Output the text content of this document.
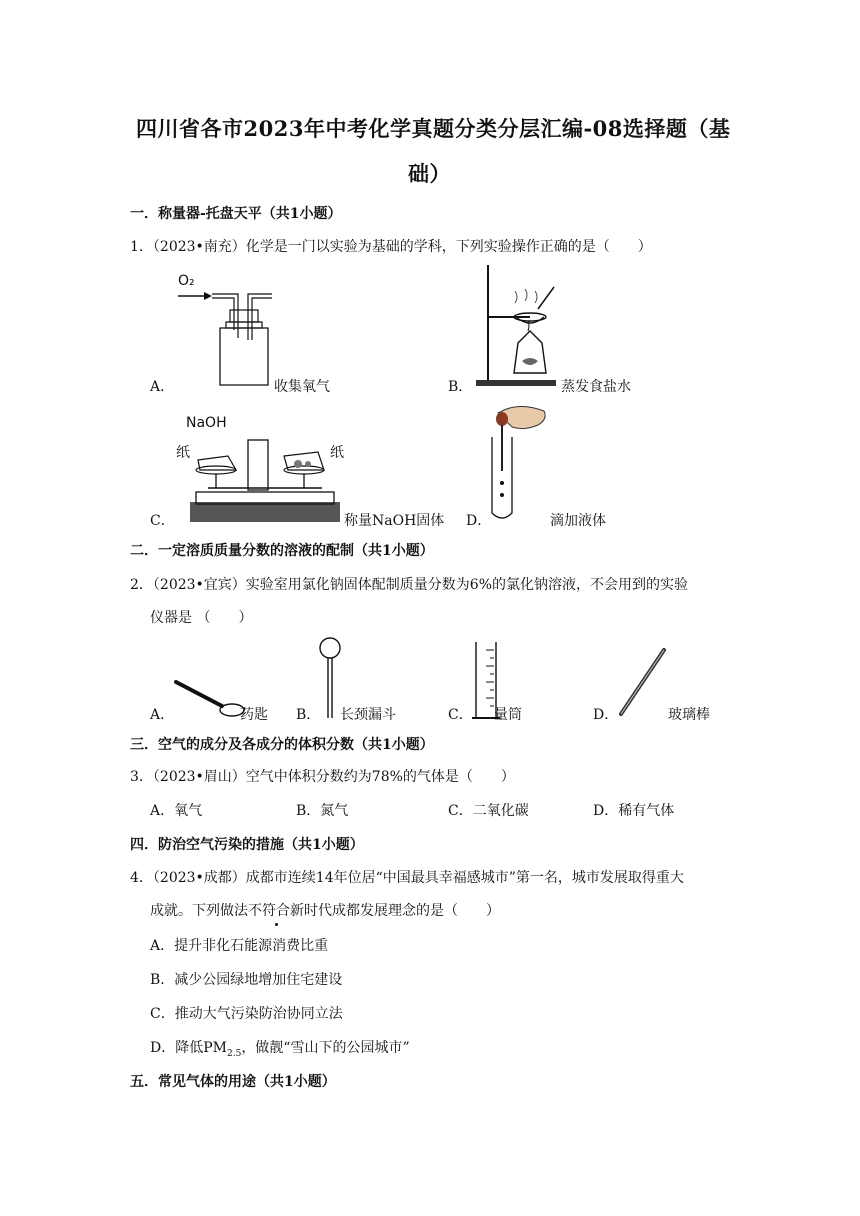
四川省各市2023年中考化学真题分类分层汇编-08选择题（基
础）
一．称量器-托盘天平（共1小题）
1．（2023•南充）化学是一门以实验为基础的学科，下列实验操作正确的是（　　）
A．
O₂
收集氧气	B．	蒸发食盐水
C．
NaOH
纸	纸
称量NaOH固体 D．	滴加液体
二．一定溶质质量分数的溶液的配制（共1小题）
2．（2023•宜宾）实验室用氯化钠固体配制质量分数为6%的氯化钠溶液，不会用到的实验
仪器是 （　　）
A．	药匙 B． 长颈漏斗	C． 量筒	D．	玻璃棒
三．空气的成分及各成分的体积分数（共1小题）
3．（2023•眉山）空气中体积分数约为78%的气体是（　　）
A．氧气	B．氮气	C．二氧化碳	D．稀有气体
四．防治空气污染的措施（共1小题）
4．（2023•成都）成都市连续14年位居“中国最具幸福感城市”第一名，城市发展取得重大
成就。下列做法不符合新时代成都发展理念的是（　　）
A．提升非化石能源消费比重
B．减少公园绿地增加住宅建设
C．推动大气污染防治协同立法
D．降低$PM_{2.5}$，做靓“雪山下的公园城市”
五．常见气体的用途（共1小题）
